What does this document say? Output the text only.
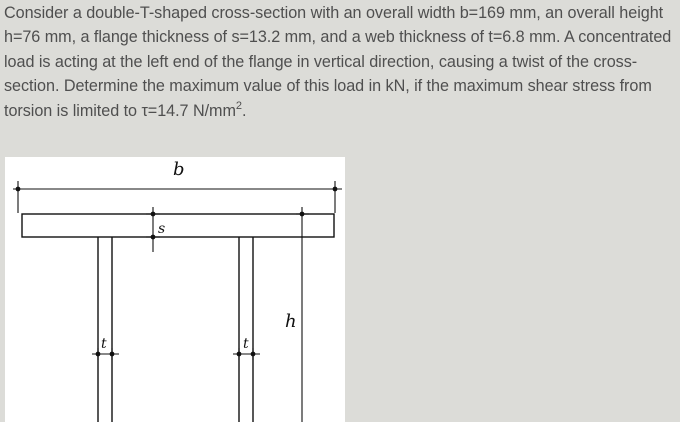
Consider a double-T-shaped cross-section with an overall width b=169 mm, an overall height h=76 mm, a flange thickness of s=13.2 mm, and a web thickness of t=6.8 mm. A concentrated load is acting at the left end of the flange in vertical direction, causing a twist of the cross-section. Determine the maximum value of this load in kN, if the maximum shear stress from torsion is limited to τ=14.7 $N/mm^2$.

b
s
h
t	t
